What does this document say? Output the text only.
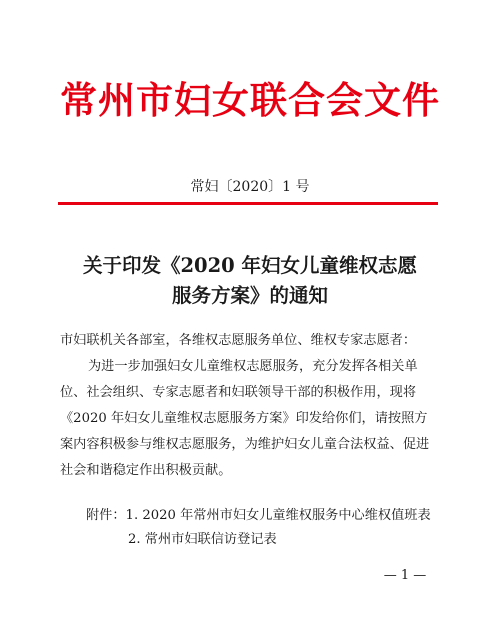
常州市妇女联合会文件
常妇〔2020〕1 号
关于印发《2020 年妇女儿童维权志愿
服务方案》的通知
市妇联机关各部室，各维权志愿服务单位、维权专家志愿者：
为进一步加强妇女儿童维权志愿服务，充分发挥各相关单
位、社会组织、专家志愿者和妇联领导干部的积极作用，现将
《2020 年妇女儿童维权志愿服务方案》印发给你们，请按照方
案内容积极参与维权志愿服务，为维护妇女儿童合法权益、促进
社会和谐稳定作出积极贡献。
附件：1. 2020 年常州市妇女儿童维权服务中心维权值班表
2. 常州市妇联信访登记表
— 1 —
